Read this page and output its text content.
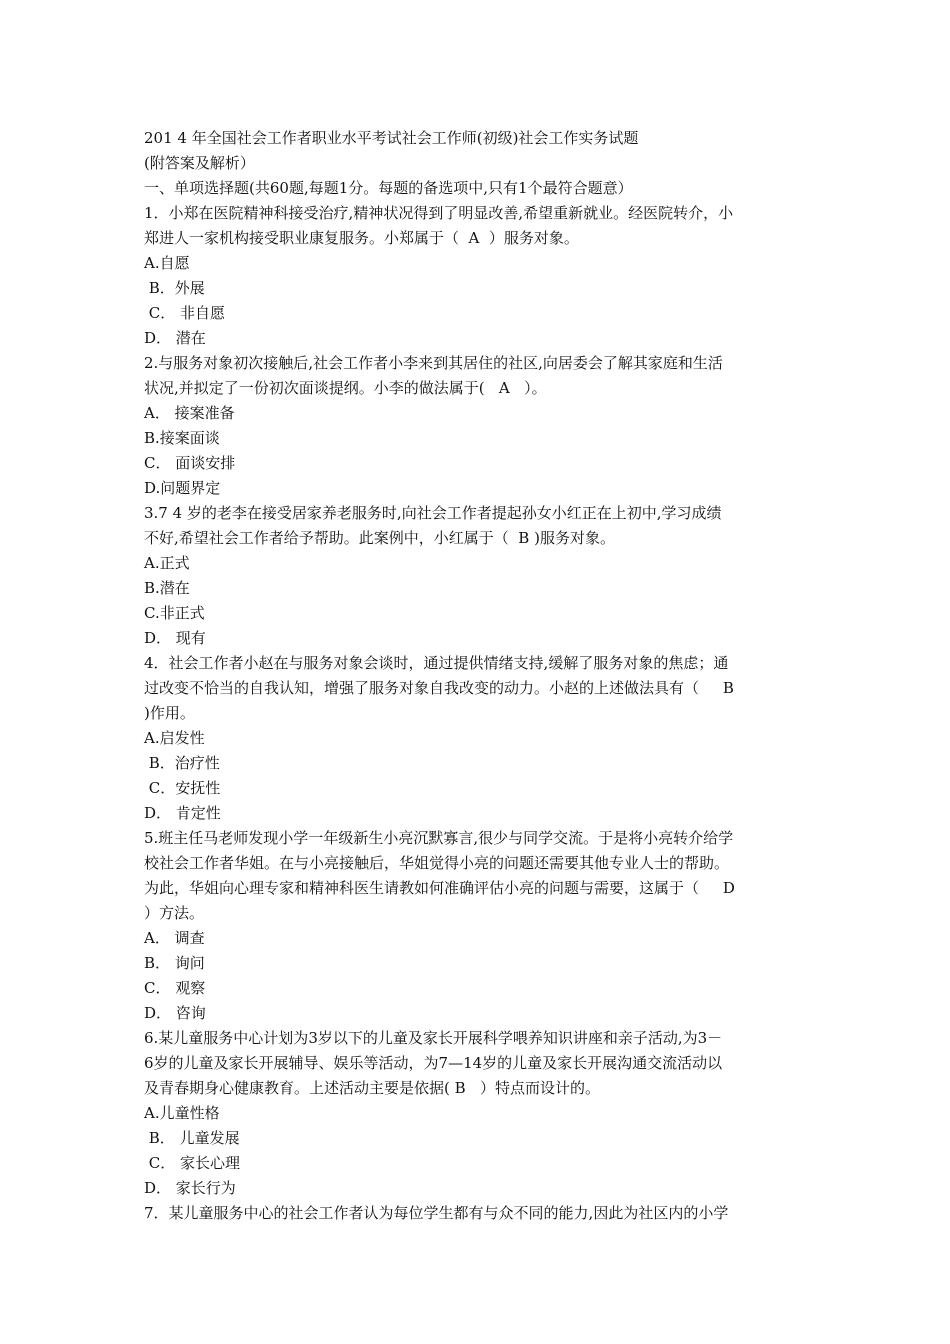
201 4 年全国社会工作者职业水平考试社会工作师(初级)社会工作实务试题

(附答案及解析）

一、单项选择题(共60题,每题1分。每题的备选项中,只有1个最符合题意）

1．小郑在医院精神科接受治疗,精神状况得到了明显改善,希望重新就业。经医院转介，小

郑进人一家机构接受职业康复服务。小郑属于（  A  ）服务对象。

A.自愿

B．外展

C． 非自愿

D． 潜在

2.与服务对象初次接触后,社会工作者小李来到其居住的社区,向居委会了解其家庭和生活

状况,并拟定了一份初次面谈提纲。小李的做法属于(   A   ）。

A． 接案准备

B.接案面谈

C． 面谈安排

D.问题界定

3.7 4 岁的老李在接受居家养老服务时,向社会工作者提起孙女小红正在上初中,学习成绩

不好,希望社会工作者给予帮助。此案例中，小红属于（  B )服务对象。

A.正式

B.潜在

C.非正式

D． 现有

4．社会工作者小赵在与服务对象会谈时，通过提供情绪支持,缓解了服务对象的焦虑；通

过改变不恰当的自我认知，增强了服务对象自我改变的动力。小赵的上述做法具有（     B

)作用。

A.启发性

B．治疗性

C．安抚性

D． 肯定性

5.班主任马老师发现小学一年级新生小亮沉默寡言,很少与同学交流。于是将小亮转介给学

校社会工作者华姐。在与小亮接触后，华姐觉得小亮的问题还需要其他专业人士的帮助。

为此，华姐向心理专家和精神科医生请教如何准确评估小亮的问题与需要，这属于（     D

）方法。

A． 调查

B． 询问

C． 观察

D． 咨询

6.某儿童服务中心计划为3岁以下的儿童及家长开展科学喂养知识讲座和亲子活动,为3－

6岁的儿童及家长开展辅导、娱乐等活动，为7—14岁的儿童及家长开展沟通交流活动以

及青春期身心健康教育。上述活动主要是依据( B   ）特点而设计的。

A.儿童性格

B． 儿童发展

C． 家长心理

D． 家长行为

7．某儿童服务中心的社会工作者认为每位学生都有与众不同的能力,因此为社区内的小学
